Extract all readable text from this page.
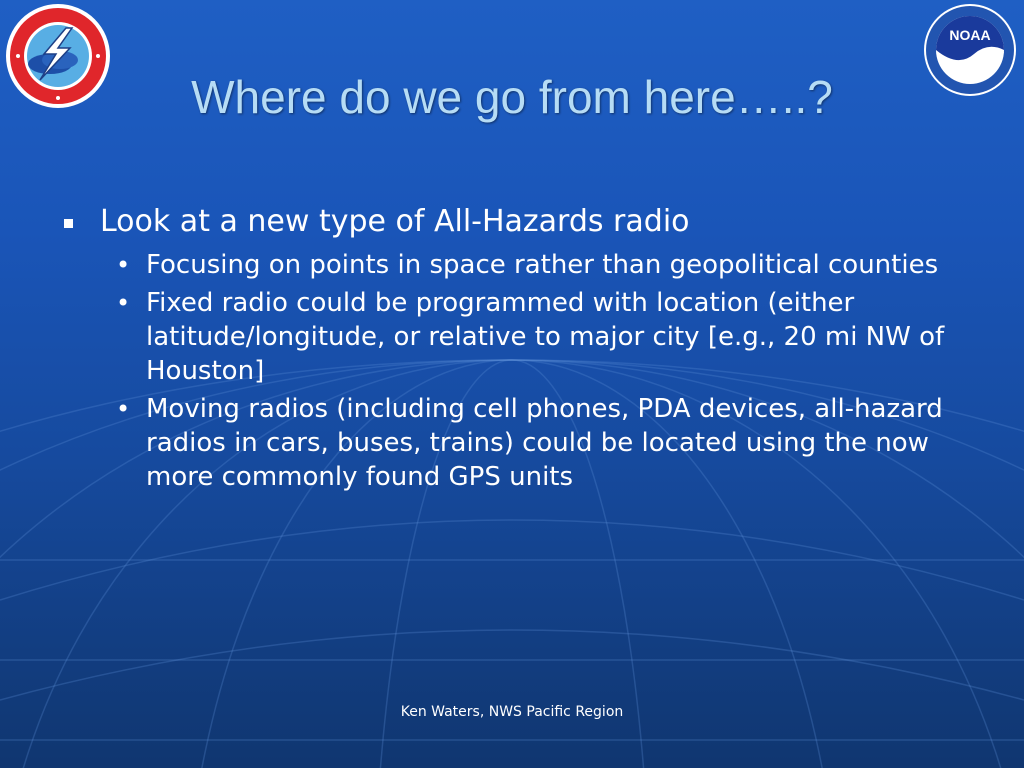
NOAA
Where do we go from here…..?
Look at a new type of All-Hazards radio
• Focusing on points in space rather than geopolitical counties
• Fixed radio could be programmed with location (either latitude/longitude, or relative to major city [e.g., 20 mi NW of Houston]
• Moving radios (including cell phones, PDA devices, all-hazard radios in cars, buses, trains) could be located using the now more commonly found GPS units
Ken Waters, NWS Pacific Region
